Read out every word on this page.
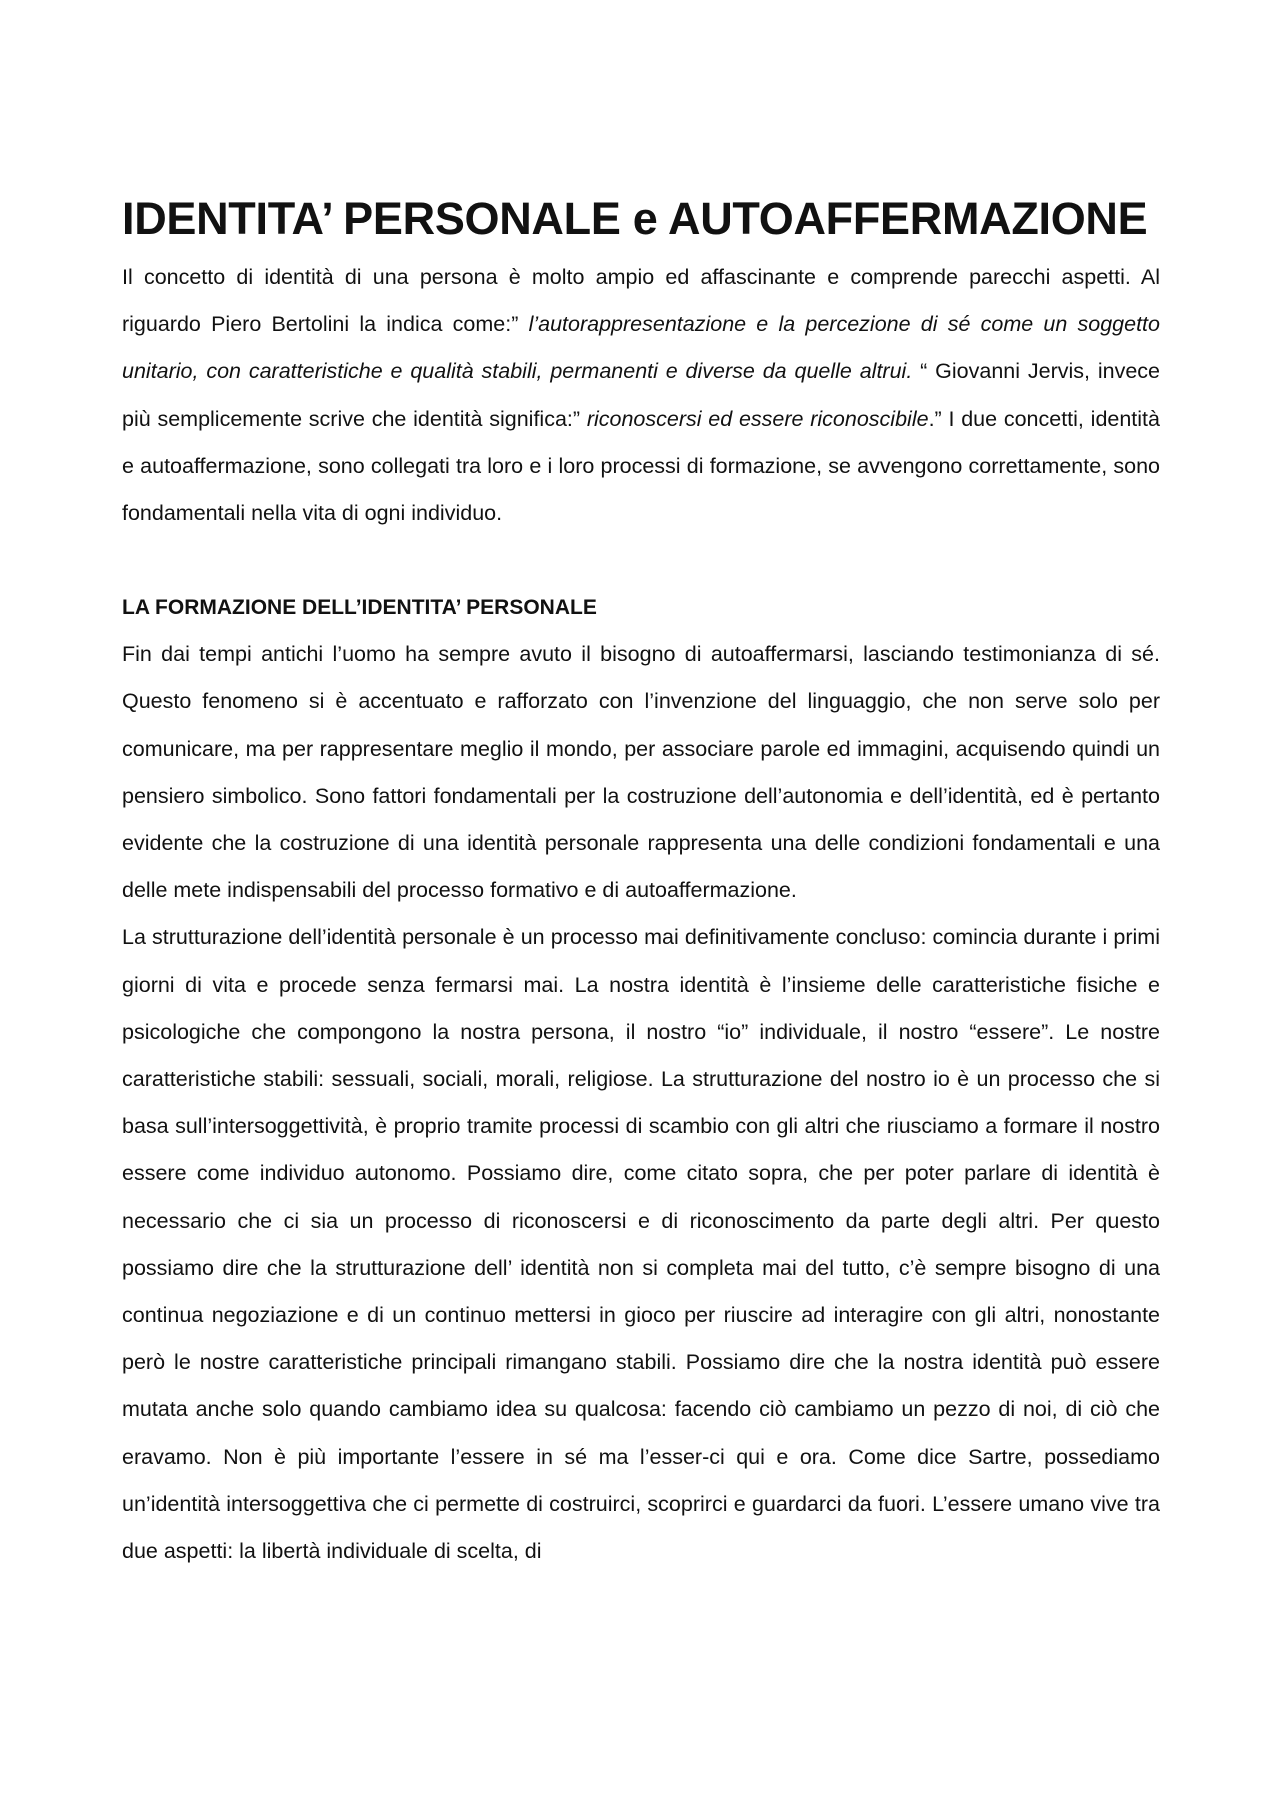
IDENTITA’ PERSONALE e AUTOAFFERMAZIONE

Il concetto di identità di una persona è molto ampio ed affascinante e comprende parecchi aspetti. Al riguardo Piero Bertolini la indica come:” l’autorappresentazione e la percezione di sé come un soggetto unitario, con caratteristiche e qualità stabili, permanenti e diverse da quelle altrui. “ Giovanni Jervis, invece più semplicemente scrive che identità significa:” riconoscersi ed essere riconoscibile.” I due concetti, identità e autoaffermazione, sono collegati tra loro e i loro processi di formazione, se avvengono correttamente, sono fondamentali nella vita di ogni individuo.

LA FORMAZIONE DELL’IDENTITA’ PERSONALE

Fin dai tempi antichi l’uomo ha sempre avuto il bisogno di autoaffermarsi, lasciando testimonianza di sé. Questo fenomeno si è accentuato e rafforzato con l’invenzione del linguaggio, che non serve solo per comunicare, ma per rappresentare meglio il mondo, per associare parole ed immagini, acquisendo quindi un pensiero simbolico. Sono fattori fondamentali per la costruzione dell’autonomia e dell’identità, ed è pertanto evidente che la costruzione di una identità personale rappresenta una delle condizioni fondamentali e una delle mete indispensabili del processo formativo e di autoaffermazione.

La strutturazione dell’identità personale è un processo mai definitivamente concluso: comincia durante i primi giorni di vita e procede senza fermarsi mai. La nostra identità è l’insieme delle caratteristiche fisiche e psicologiche che compongono la nostra persona, il nostro “io” individuale, il nostro “essere”. Le nostre caratteristiche stabili: sessuali, sociali, morali, religiose. La strutturazione del nostro io è un processo che si basa sull’intersoggettività, è proprio tramite processi di scambio con gli altri che riusciamo a formare il nostro essere come individuo autonomo. Possiamo dire, come citato sopra, che per poter parlare di identità è necessario che ci sia un processo di riconoscersi e di riconoscimento da parte degli altri. Per questo possiamo dire che la strutturazione dell’ identità non si completa mai del tutto, c’è sempre bisogno di una continua negoziazione e di un continuo mettersi in gioco per riuscire ad interagire con gli altri, nonostante però le nostre caratteristiche principali rimangano stabili. Possiamo dire che la nostra identità può essere mutata anche solo quando cambiamo idea su qualcosa: facendo ciò cambiamo un pezzo di noi, di ciò che eravamo. Non è più importante l’essere in sé ma l’esser-ci qui e ora. Come dice Sartre, possediamo un’identità intersoggettiva che ci permette di costruirci, scoprirci e guardarci da fuori. L’essere umano vive tra due aspetti: la libertà individuale di scelta, di
